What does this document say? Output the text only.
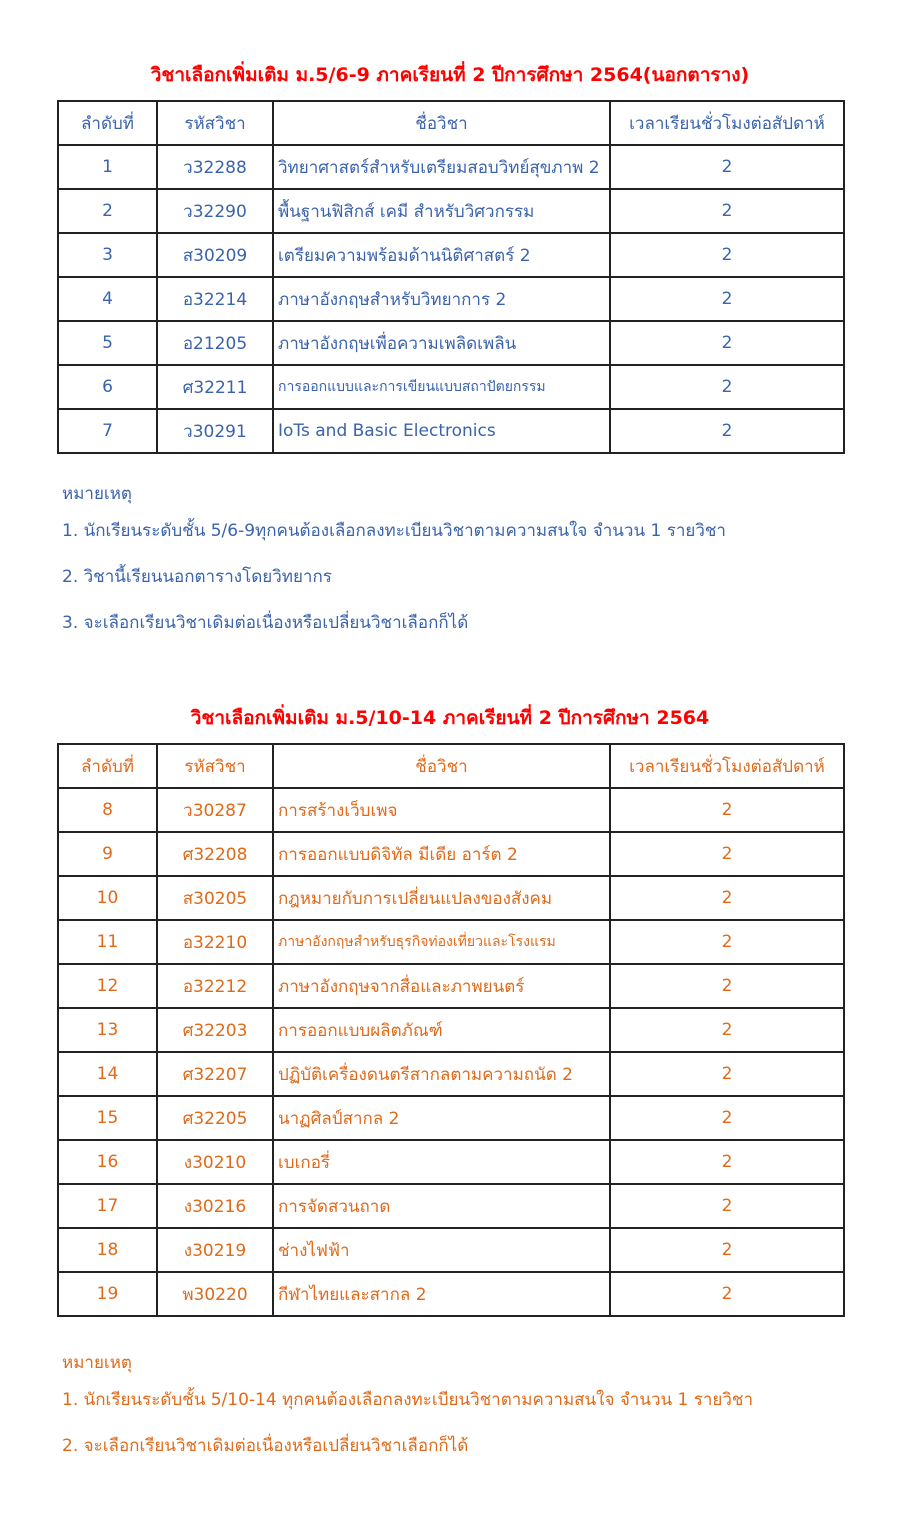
วิชาเลือกเพิ่มเติม ม.5/6-9 ภาคเรียนที่ 2 ปีการศึกษา 2564(นอกตาราง)
ลำดับที่	รหัสวิชา	ชื่อวิชา	เวลาเรียนชั่วโมงต่อสัปดาห์
1	ว32288	วิทยาศาสตร์สำหรับเตรียมสอบวิทย์สุขภาพ 2	2
2	ว32290	พื้นฐานฟิสิกส์ เคมี สำหรับวิศวกรรม	2
3	ส30209	เตรียมความพร้อมด้านนิติศาสตร์ 2	2
4	อ32214	ภาษาอังกฤษสำหรับวิทยาการ 2	2
5	อ21205	ภาษาอังกฤษเพื่อความเพลิดเพลิน	2
6	ศ32211	การออกแบบและการเขียนแบบสถาปัตยกรรม	2
7	ว30291	IoTs and Basic Electronics	2

หมายเหตุ

1. นักเรียนระดับชั้น 5/6-9ทุกคนต้องเลือกลงทะเบียนวิชาตามความสนใจ จำนวน 1 รายวิชา

2. วิชานี้เรียนนอกตารางโดยวิทยากร

3. จะเลือกเรียนวิชาเดิมต่อเนื่องหรือเปลี่ยนวิชาเลือกก็ได้

วิชาเลือกเพิ่มเติม ม.5/10-14 ภาคเรียนที่ 2 ปีการศึกษา 2564
ลำดับที่	รหัสวิชา	ชื่อวิชา	เวลาเรียนชั่วโมงต่อสัปดาห์
8	ว30287	การสร้างเว็บเพจ	2
9	ศ32208	การออกแบบดิจิทัล มีเดีย อาร์ต 2	2
10	ส30205	กฎหมายกับการเปลี่ยนแปลงของสังคม	2
11	อ32210	ภาษาอังกฤษสำหรับธุรกิจท่องเที่ยวและโรงแรม	2
12	อ32212	ภาษาอังกฤษจากสื่อและภาพยนตร์	2
13	ศ32203	การออกแบบผลิตภัณฑ์	2
14	ศ32207	ปฏิบัติเครื่องดนตรีสากลตามความถนัด 2	2
15	ศ32205	นาฏศิลป์สากล 2	2
16	ง30210	เบเกอรี่	2
17	ง30216	การจัดสวนถาด	2
18	ง30219	ช่างไฟฟ้า	2
19	พ30220	กีฬาไทยและสากล 2	2

หมายเหตุ

1. นักเรียนระดับชั้น 5/10-14 ทุกคนต้องเลือกลงทะเบียนวิชาตามความสนใจ จำนวน 1 รายวิชา

2. จะเลือกเรียนวิชาเดิมต่อเนื่องหรือเปลี่ยนวิชาเลือกก็ได้
